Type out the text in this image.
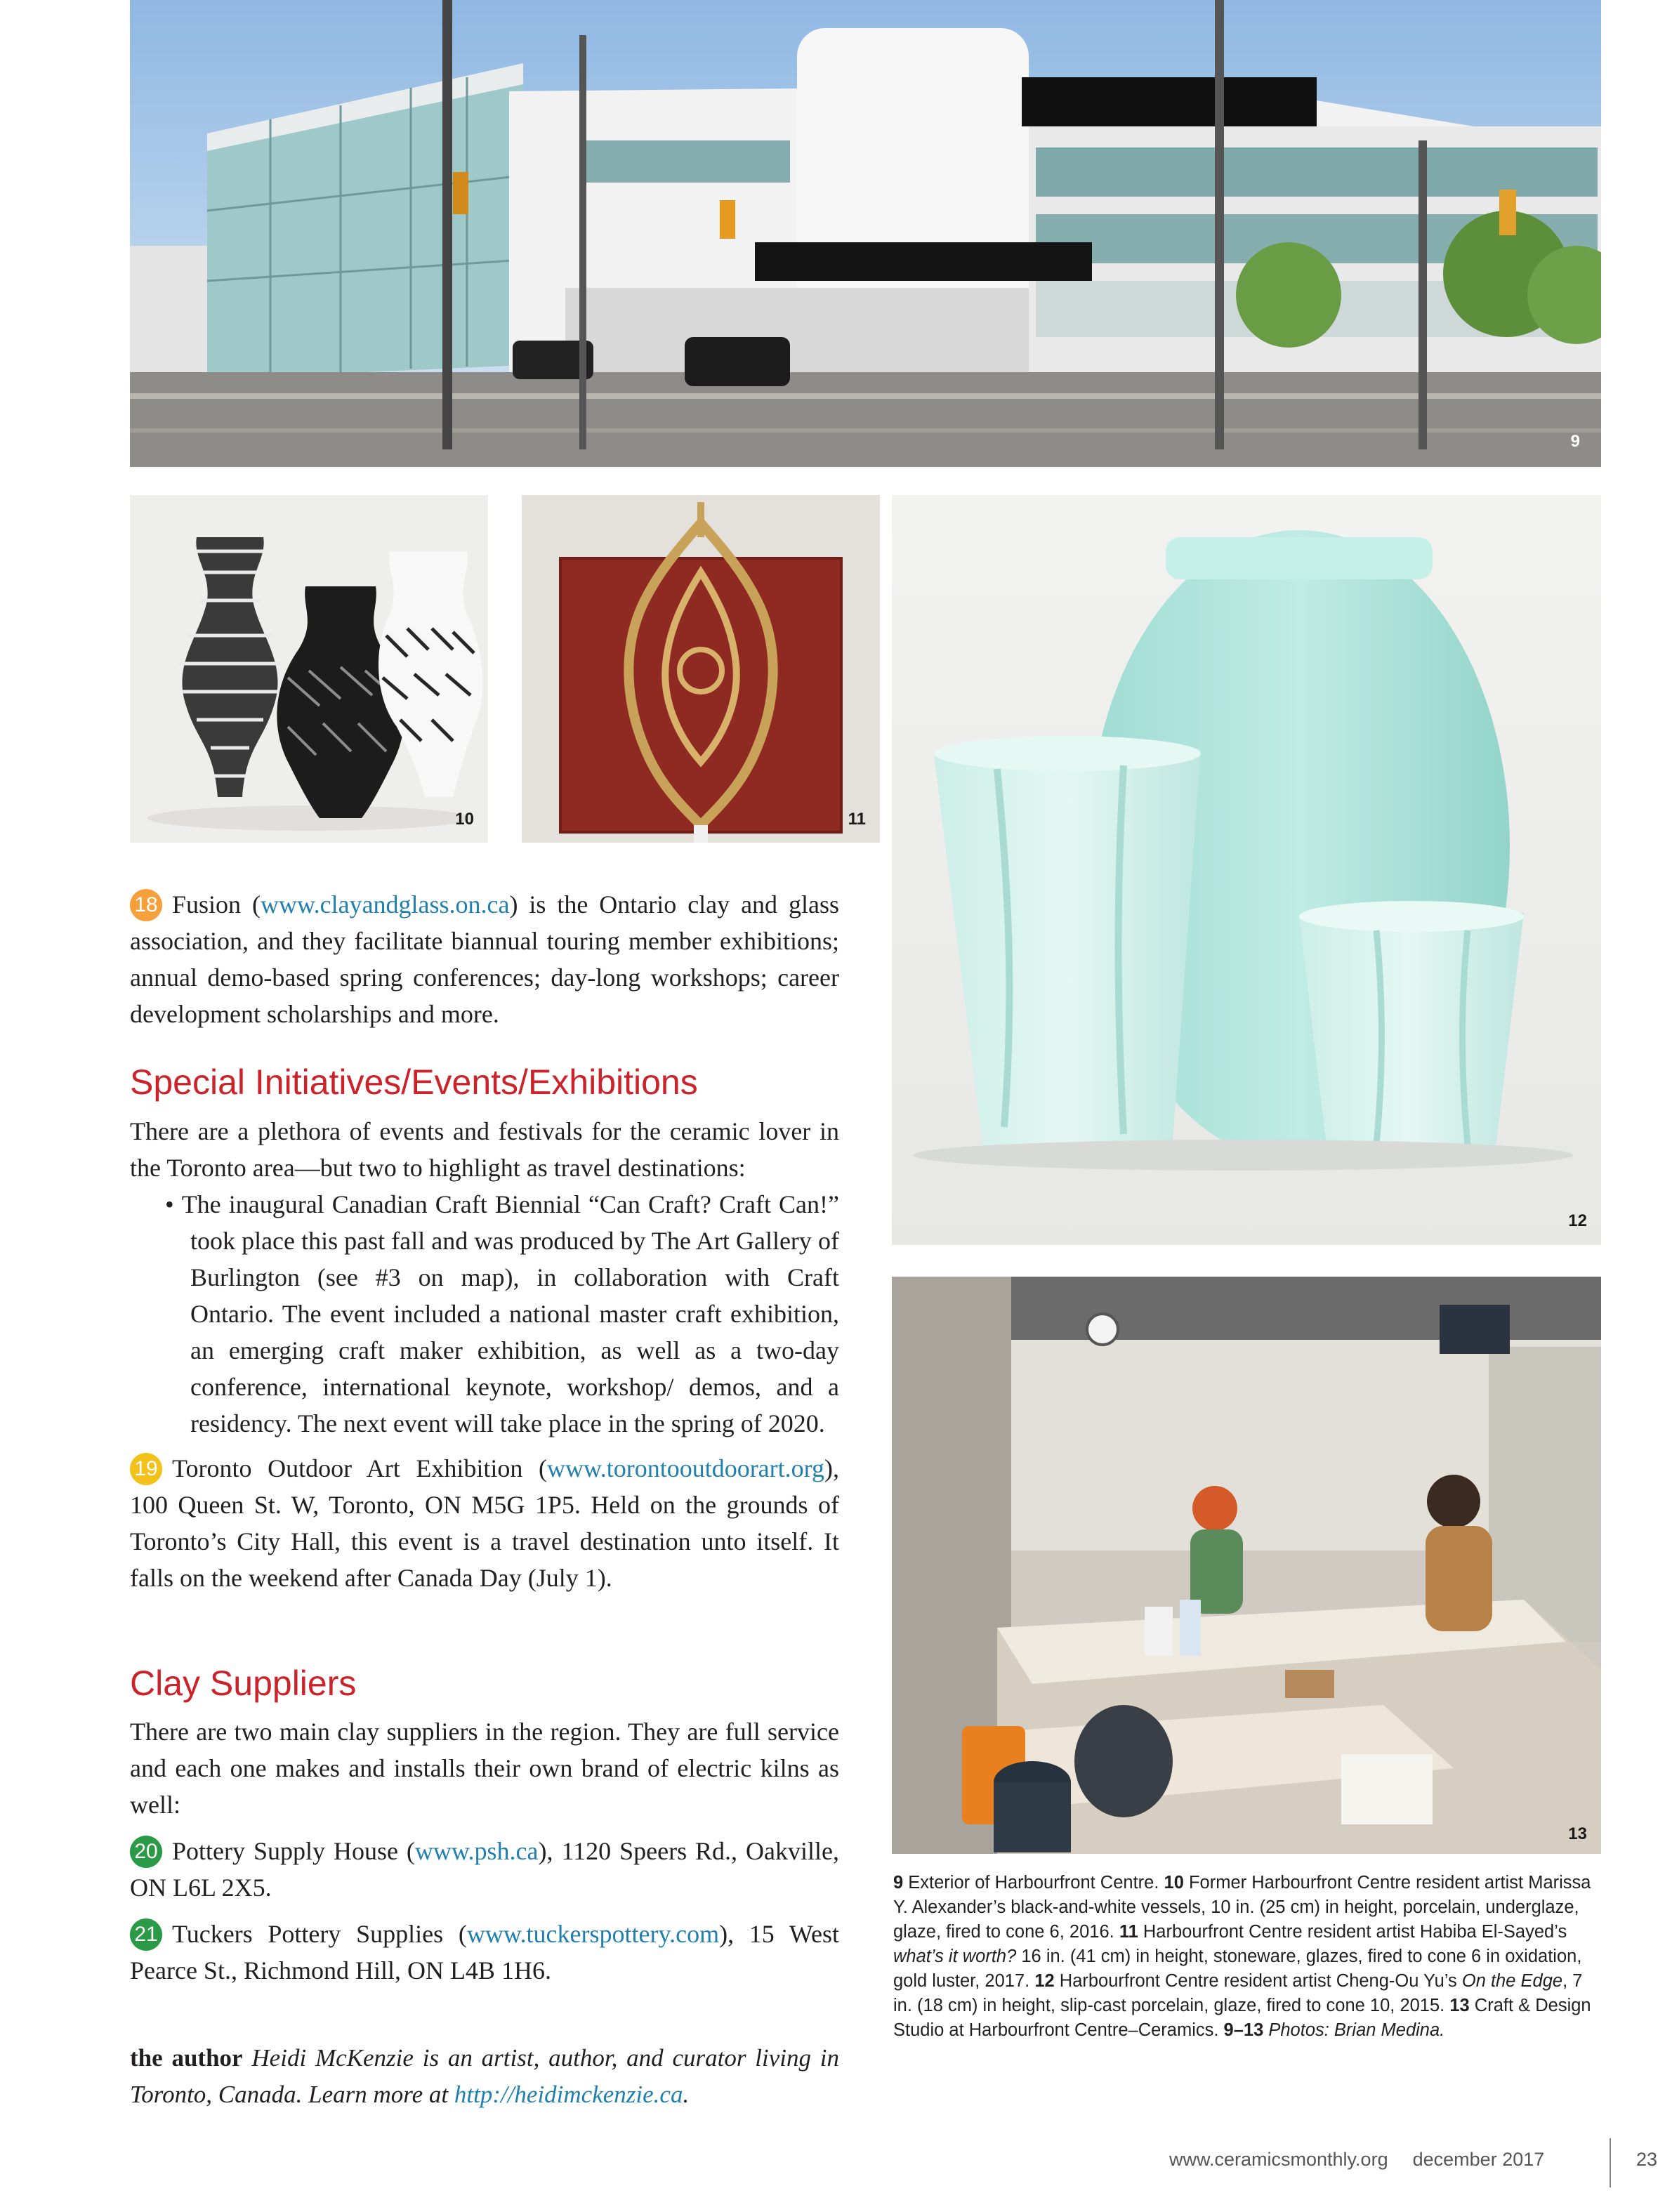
9
10	11
12
13

18 Fusion (www.clayandglass.on.ca) is the Ontario clay and glass association, and they facilitate biannual touring member exhibitions; annual demo-based spring conferences; day-long workshops; career development scholarships and more.

Special Initiatives/Events/Exhibitions

There are a plethora of events and festivals for the ceramic lover in the Toronto area—but two to highlight as travel destinations:

• The inaugural Canadian Craft Biennial “Can Craft? Craft Can!” took place this past fall and was produced by The Art Gallery of Burlington (see #3 on map), in collaboration with Craft Ontario. The event included a national master craft exhibition, an emerging craft maker exhibition, as well as a two-day conference, international keynote, workshop/ demos, and a residency. The next event will take place in the spring of 2020.

19 Toronto Outdoor Art Exhibition (www.torontooutdoorart.org), 100 Queen St. W, Toronto, ON M5G 1P5. Held on the grounds of Toronto’s City Hall, this event is a travel destination unto itself. It falls on the weekend after Canada Day (July 1).

Clay Suppliers

There are two main clay suppliers in the region. They are full service and each one makes and installs their own brand of electric kilns as well:

20 Pottery Supply House (www.psh.ca), 1120 Speers Rd., Oakville, ON L6L 2X5.

21 Tuckers Pottery Supplies (www.tuckerspottery.com), 15 West Pearce St., Richmond Hill, ON L4B 1H6.

the author Heidi McKenzie is an artist, author, and curator living in Toronto, Canada. Learn more at http://heidimckenzie.ca.

9 Exterior of Harbourfront Centre. 10 Former Harbourfront Centre resident artist Marissa Y. Alexander’s black-and-white vessels, 10 in. (25 cm) in height, porcelain, underglaze, glaze, fired to cone 6, 2016. 11 Harbourfront Centre resident artist Habiba El-Sayed’s what’s it worth? 16 in. (41 cm) in height, stoneware, glazes, fired to cone 6 in oxidation, gold luster, 2017. 12 Harbourfront Centre resident artist Cheng-Ou Yu’s On the Edge, 7 in. (18 cm) in height, slip-cast porcelain, glaze, fired to cone 10, 2015. 13 Craft & Design Studio at Harbourfront Centre–Ceramics. 9–13 Photos: Brian Medina.
www.ceramicsmonthly.org december 2017	23
